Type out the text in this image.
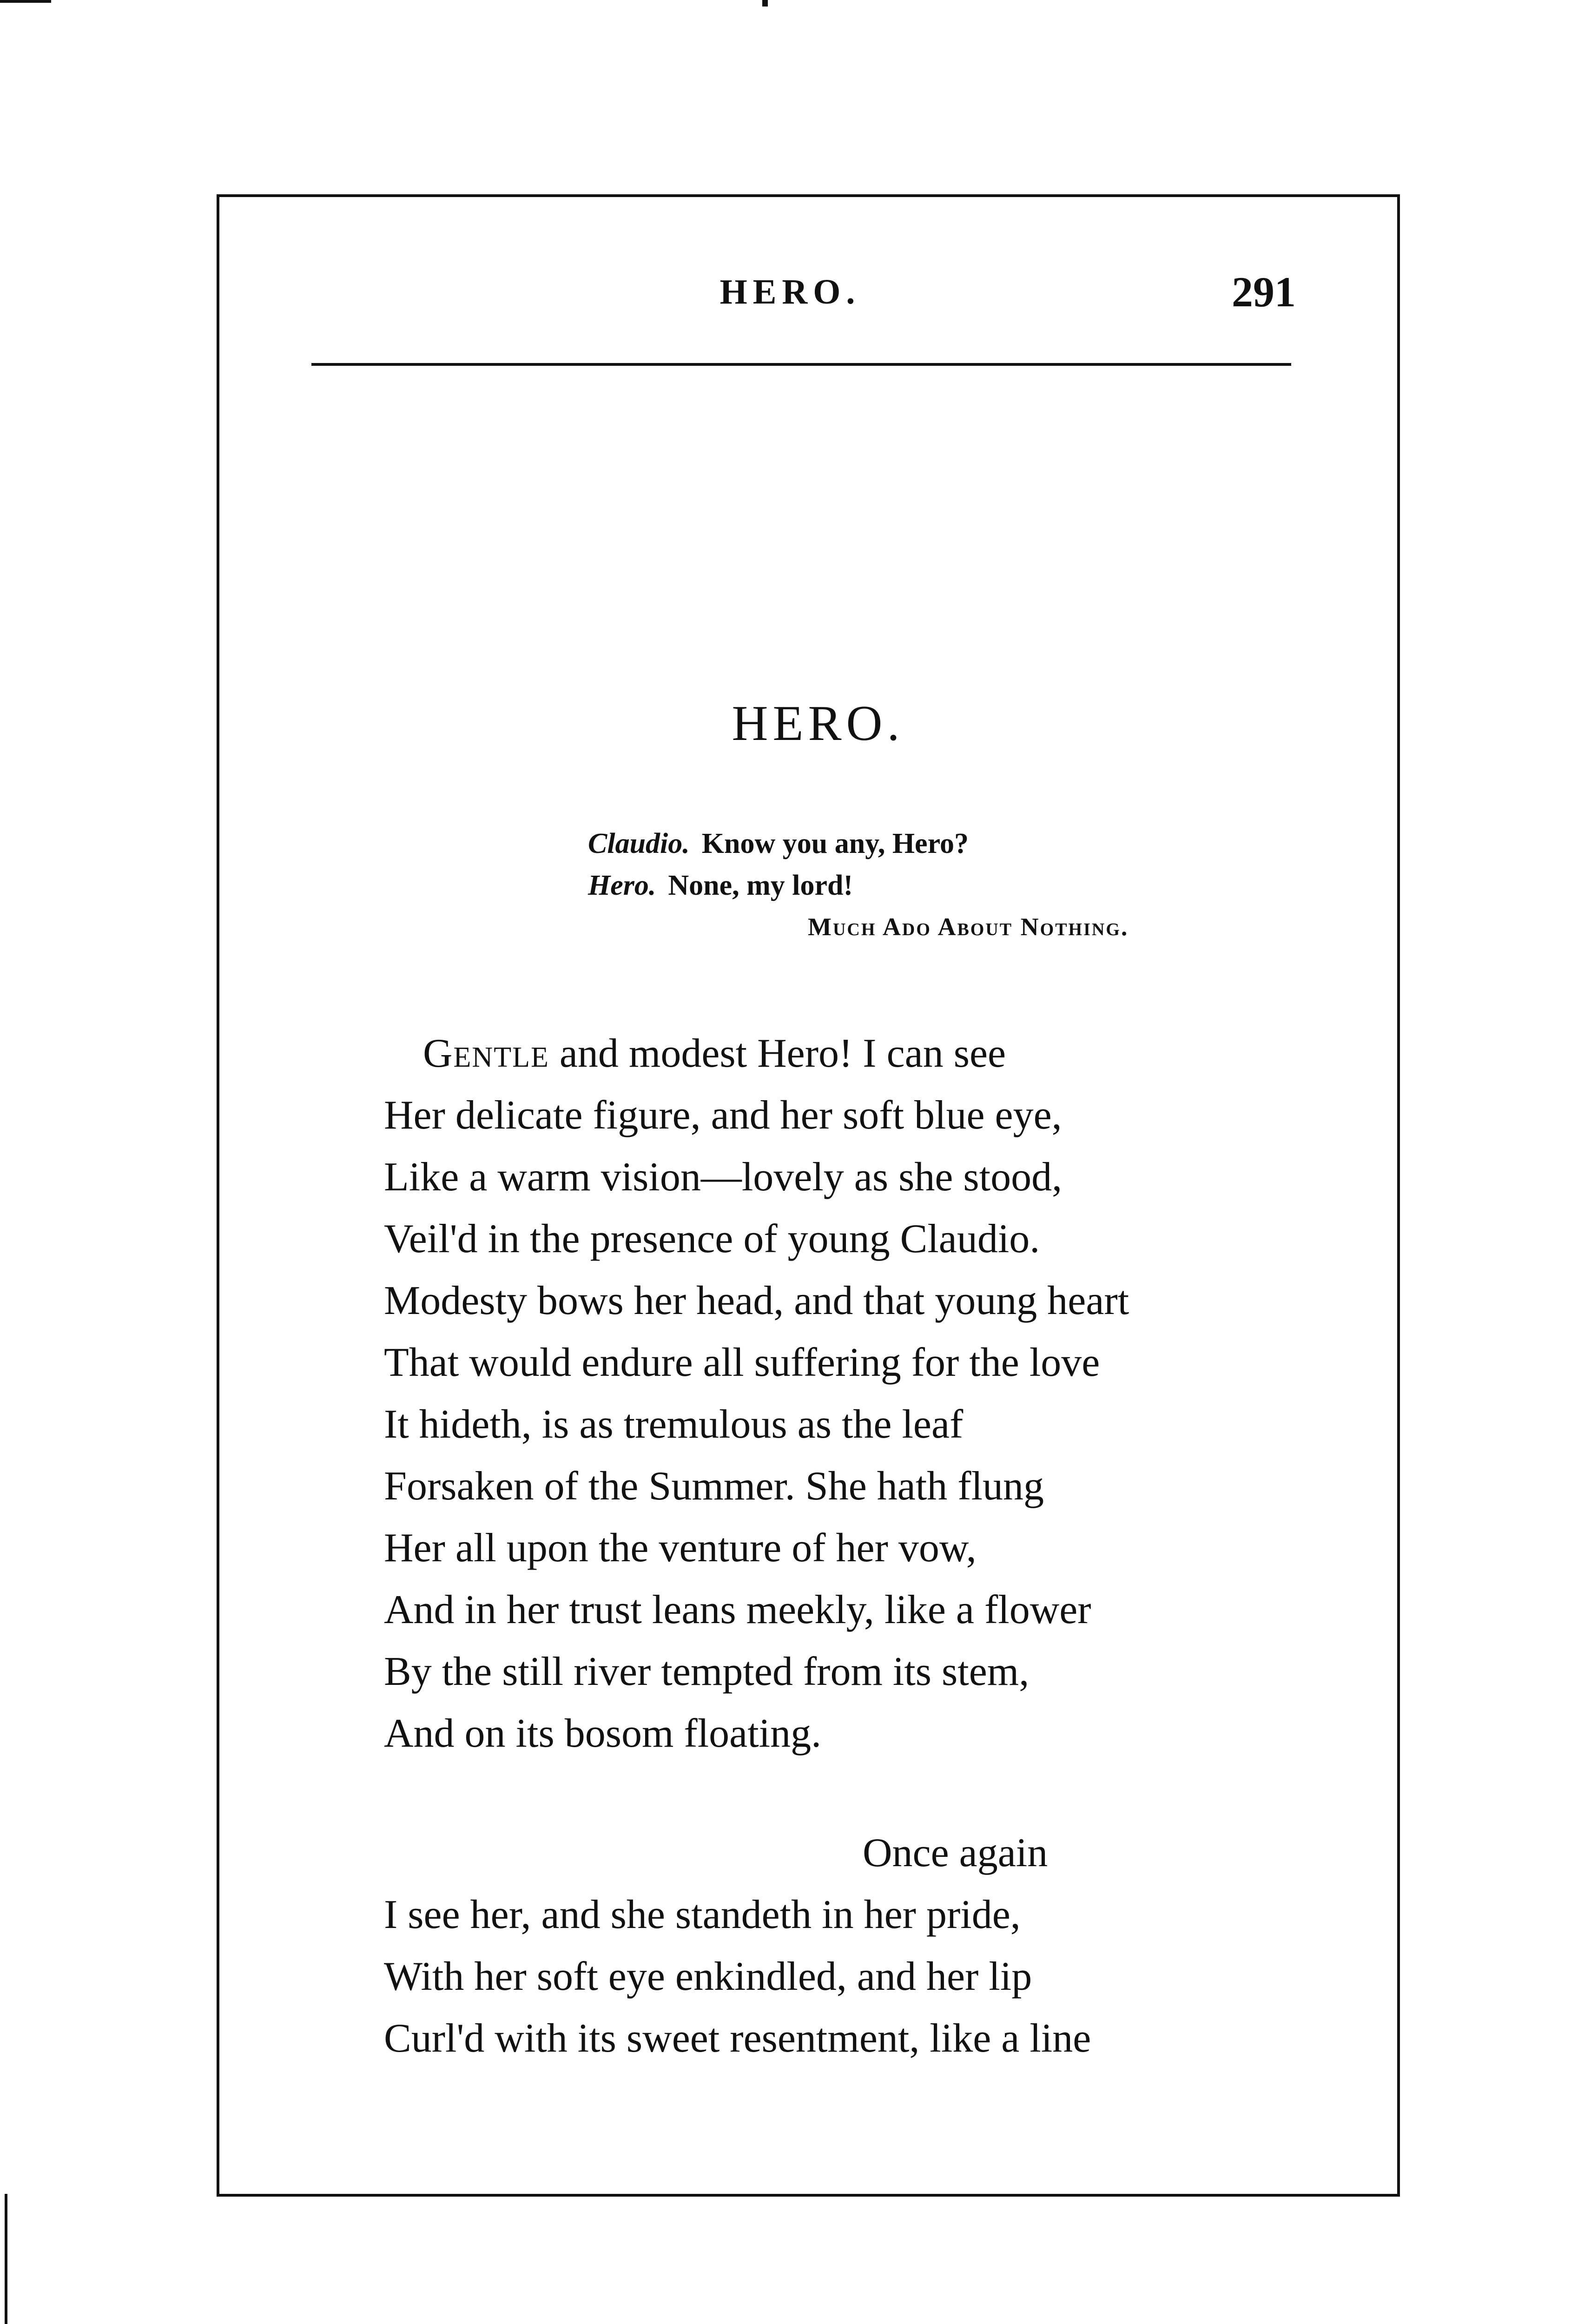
HERO.	291
HERO.
Claudio. Know you any, Hero?
Hero. None, my lord!
Much Ado About Nothing.
Gentle and modest Hero! I can see
Her delicate figure, and her soft blue eye,
Like a warm vision—lovely as she stood,
Veil'd in the presence of young Claudio.
Modesty bows her head, and that young heart
That would endure all suffering for the love
It hideth, is as tremulous as the leaf
Forsaken of the Summer. She hath flung
Her all upon the venture of her vow,
And in her trust leans meekly, like a flower
By the still river tempted from its stem,
And on its bosom floating.
Once again
I see her, and she standeth in her pride,
With her soft eye enkindled, and her lip
Curl'd with its sweet resentment, like a line
